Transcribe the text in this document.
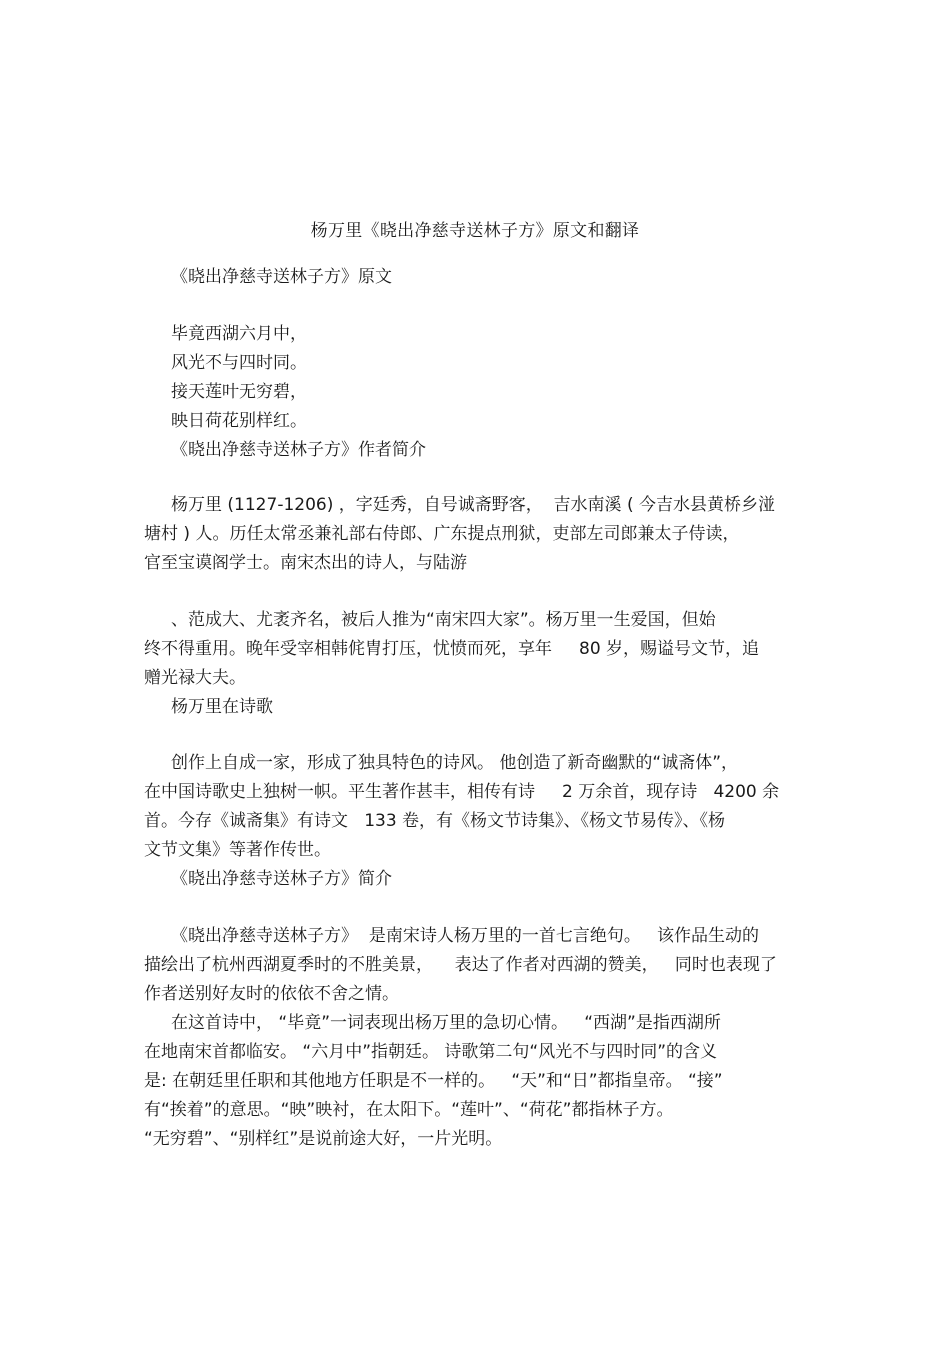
杨万里《晓出净慈寺送林子方》原文和翻译
《晓出净慈寺送林子方》原文
毕竟西湖六月中，
风光不与四时同。
接天莲叶无穷碧，
映日荷花别样红。
《晓出净慈寺送林子方》作者简介
杨万里 (1127-1206) ，字廷秀，自号诚斋野客，  吉水南溪 ( 今吉水县黄桥乡湴
塘村 ) 人。历任太常丞兼礼部右侍郎、广东提点刑狱，吏部左司郎兼太子侍读，
官至宝谟阁学士。南宋杰出的诗人，与陆游
、范成大、尤袤齐名，被后人推为“南宋四大家”。杨万里一生爱国，但始
终不得重用。晚年受宰相韩侂胄打压，忧愤而死，享年     80 岁，赐谥号文节，追
赠光禄大夫。
杨万里在诗歌
创作上自成一家，形成了独具特色的诗风。 他创造了新奇幽默的“诚斋体”，
在中国诗歌史上独树一帜。平生著作甚丰，相传有诗     2 万余首，现存诗   4200 余
首。今存《诚斋集》有诗文   133 卷，有《杨文节诗集》、《杨文节易传》、《杨
文节文集》等著作传世。
《晓出净慈寺送林子方》简介
《晓出净慈寺送林子方》  是南宋诗人杨万里的一首七言绝句。   该作品生动的
描绘出了杭州西湖夏季时的不胜美景，    表达了作者对西湖的赞美，   同时也表现了
作者送别好友时的依依不舍之情。
在这首诗中， “毕竟”一词表现出杨万里的急切心情。   “西湖”是指西湖所
在地南宋首都临安。 “六月中”指朝廷。 诗歌第二句“风光不与四时同”的含义
是: 在朝廷里任职和其他地方任职是不一样的。   “天”和“日”都指皇帝。 “接”
有“挨着”的意思。“映”映衬，在太阳下。“莲叶”、“荷花”都指林子方。
“无穷碧”、“别样红”是说前途大好，一片光明。
